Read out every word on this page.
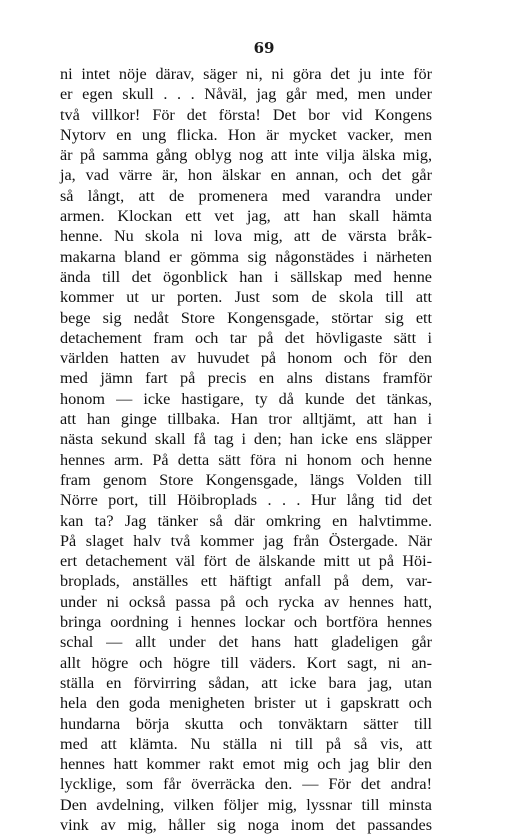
69
ni intet nöje därav, säger ni, ni göra det ju inte för
er egen skull . . . Nåväl, jag går med, men under
två villkor! För det första! Det bor vid Kongens
Nytorv en ung flicka. Hon är mycket vacker, men
är på samma gång oblyg nog att inte vilja älska mig,
ja, vad värre är, hon älskar en annan, och det går
så långt, att de promenera med varandra under
armen. Klockan ett vet jag, att han skall hämta
henne. Nu skola ni lova mig, att de värsta bråk-
makarna bland er gömma sig någonstädes i närheten
ända till det ögonblick han i sällskap med henne
kommer ut ur porten. Just som de skola till att
bege sig nedåt Store Kongensgade, störtar sig ett
detachement fram och tar på det hövligaste sätt i
världen hatten av huvudet på honom och för den
med jämn fart på precis en alns distans framför
honom — icke hastigare, ty då kunde det tänkas,
att han ginge tillbaka. Han tror alltjämt, att han i
nästa sekund skall få tag i den; han icke ens släpper
hennes arm. På detta sätt föra ni honom och henne
fram genom Store Kongensgade, längs Volden till
Nörre port, till Höibroplads . . . Hur lång tid det
kan ta? Jag tänker så där omkring en halvtimme.
På slaget halv två kommer jag från Östergade. När
ert detachement väl fört de älskande mitt ut på Höi-
broplads, anställes ett häftigt anfall på dem, var-
under ni också passa på och rycka av hennes hatt,
bringa oordning i hennes lockar och bortföra hennes
schal — allt under det hans hatt gladeligen går
allt högre och högre till väders. Kort sagt, ni an-
ställa en förvirring sådan, att icke bara jag, utan
hela den goda menigheten brister ut i gapskratt och
hundarna börja skutta och tonväktarn sätter till
med att klämta. Nu ställa ni till på så vis, att
hennes hatt kommer rakt emot mig och jag blir den
lycklige, som får överräcka den. — För det andra!
Den avdelning, vilken följer mig, lyssnar till minsta
vink av mig, håller sig noga inom det passandes
